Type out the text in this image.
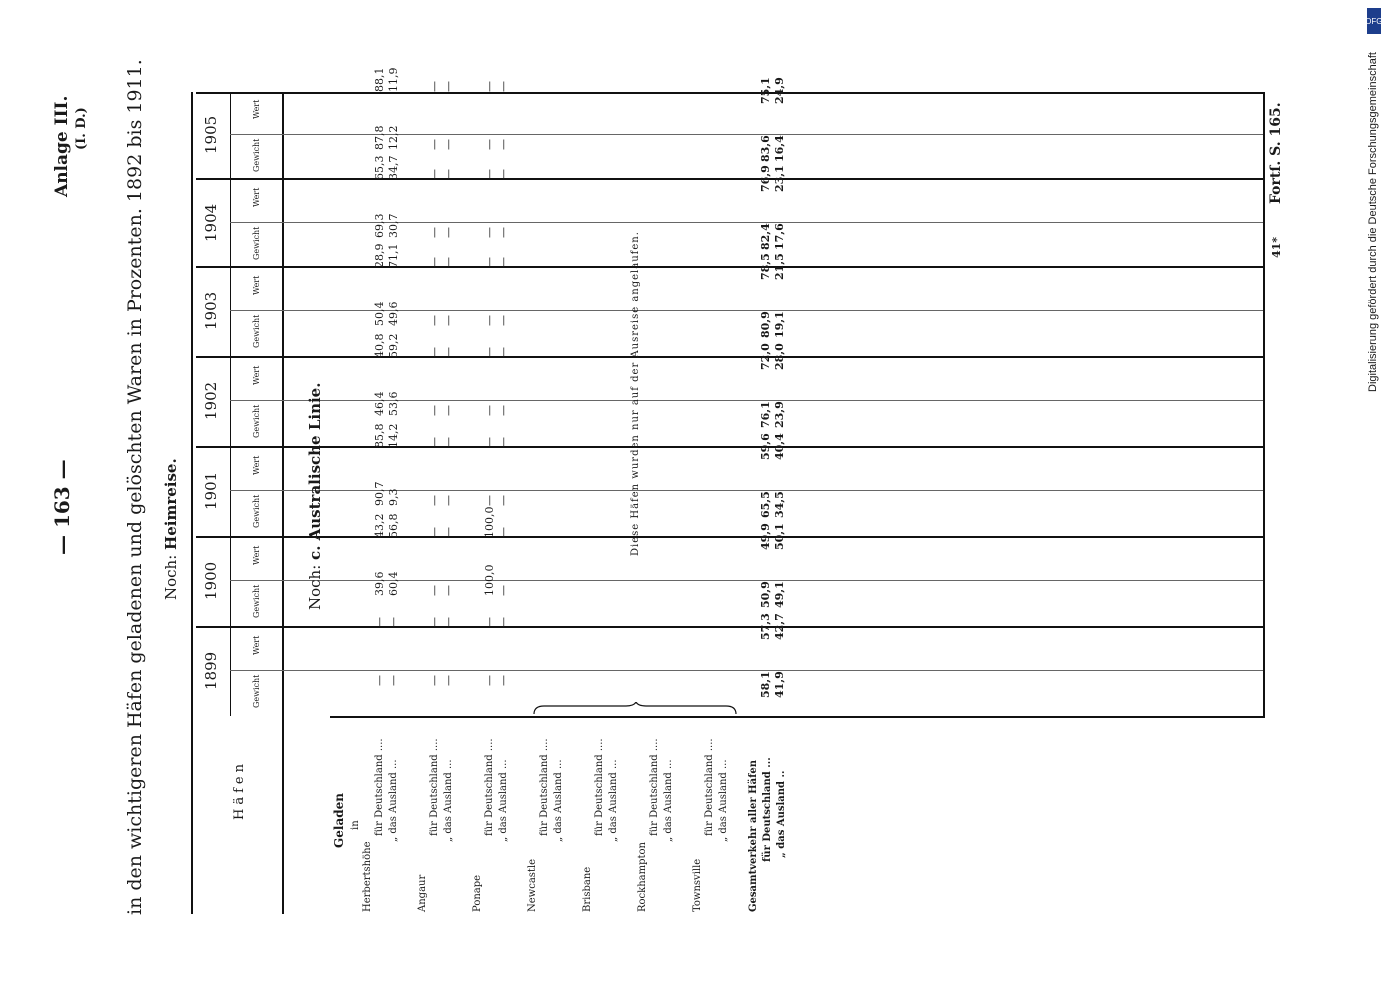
— 163 —
Anlage III. (I. D.) in den wichtigeren Häfen geladenen und gelöschten Waren in Prozenten. 1892 bis 1911. Noch: Heimreise.
Häfen
1899
1900
1901
1902
1903
1904
1905
Gewicht
Wert
Gewicht
Wert
Gewicht
Wert
Gewicht
Wert
Gewicht
Wert
Gewicht
Wert
Gewicht
Wert
Noch: c. Australische Linie.
Geladen in
Herbertshöhe
für Deutschland .... „ das Ausland ...
—
—
39,6
43,2
90,7
85,8
46,4
40,8
50,4
28,9
69,3
65,3
87,8
88,1
—
—
60,4
56,8
9,3
14,2
53,6
59,2
49,6
71,1
30,7
34,7
12,2
11,9
Angaur
für Deutschland .... „ das Ausland ...
—
—
—
—
—
—
—
—
—
—
—
—
—
—
—
—
—
—
—
—
—
—
—
—
—
—
—
—
Ponape
für Deutschland .... „ das Ausland ...
—
—
100,0
100,0
—
—
—
—
—
—
—
—
—
—
—
—
—
—
—
—
—
—
—
—
—
—
—
—
Newcastle
für Deutschland .... „ das Ausland ...
Brisbane
für Deutschland .... „ das Ausland ...
Rockhampton
für Deutschland .... „ das Ausland ...
Townsville
für Deutschland .... „ das Ausland ...
Diese Häfen wurden nur auf der Ausreise angelaufen.
Gesamtverkehr aller Häfen für Deutschland ... „ das Ausland ..
58,1
57,3
50,9
49,9
65,5
59,6
76,1
72,0
80,9
78,5
82,4
76,9
83,6
75,1
41,9
42,7
49,1
50,1
34,5
40,4
23,9
28,0
19,1
21,5
17,6
23,1
16,4
24,9
41*
Fortſ. S. 165.
DFG
Digitalisierung gefördert durch die Deutsche Forschungsgemeinschaft
